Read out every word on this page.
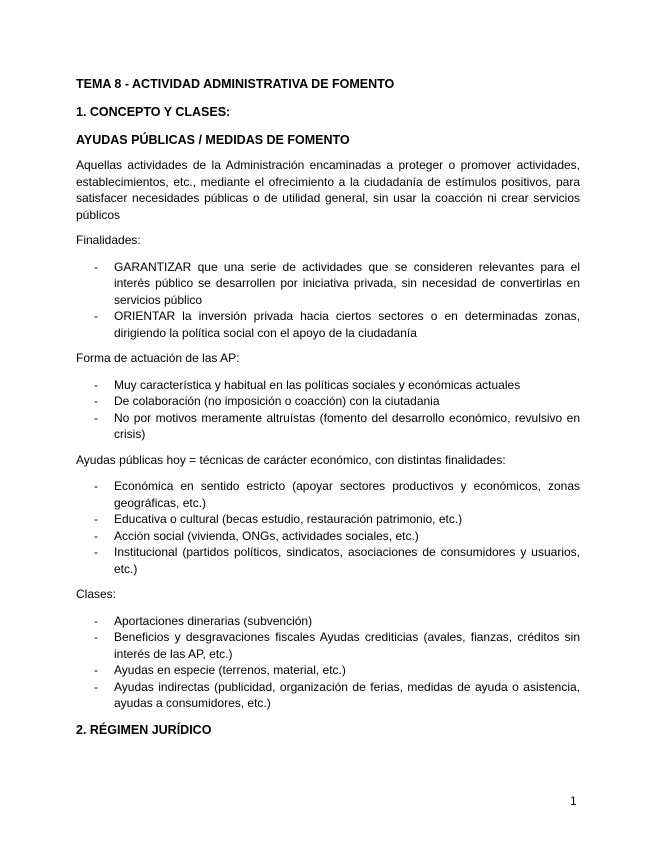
TEMA 8 - ACTIVIDAD ADMINISTRATIVA DE FOMENTO
1. CONCEPTO Y CLASES:
AYUDAS PÚBLICAS / MEDIDAS DE FOMENTO

Aquellas actividades de la Administración encaminadas a proteger o promover actividades, establecimientos, etc., mediante el ofrecimiento a la ciudadanía de estímulos positivos, para satisfacer necesidades públicas o de utilidad general, sin usar la coacción ni crear servicios públicos

Finalidades:

- GARANTIZAR que una serie de actividades que se consideren relevantes para el interés público se desarrollen por iniciativa privada, sin necesidad de convertirlas en servicios público
- ORIENTAR la inversión privada hacia ciertos sectores o en determinadas zonas, dirigiendo la política social con el apoyo de la ciudadanía

Forma de actuación de las AP:

- Muy característica y habitual en las políticas sociales y económicas actuales
- De colaboración (no imposición o coacción) con la ciutadania
- No por motivos meramente altruístas (fomento del desarrollo económico, revulsivo en crisis)

Ayudas públicas hoy = técnicas de carácter económico, con distintas finalidades:

- Económica en sentido estricto (apoyar sectores productivos y económicos, zonas geográficas, etc.)
- Educativa o cultural (becas estudio, restauración patrimonio, etc.)
- Acción social (vivienda, ONGs, actividades sociales, etc.)
- Institucional (partidos políticos, sindicatos, asociaciones de consumidores y usuarios, etc.)

Clases:

- Aportaciones dinerarias (subvención)
- Beneficios y desgravaciones fiscales Ayudas crediticias (avales, fianzas, créditos sin interés de las AP, etc.)
- Ayudas en especie (terrenos, material, etc.)
- Ayudas indirectas (publicidad, organización de ferias, medidas de ayuda o asistencia, ayudas a consumidores, etc.)
2. RÉGIMEN JURÍDICO
1
